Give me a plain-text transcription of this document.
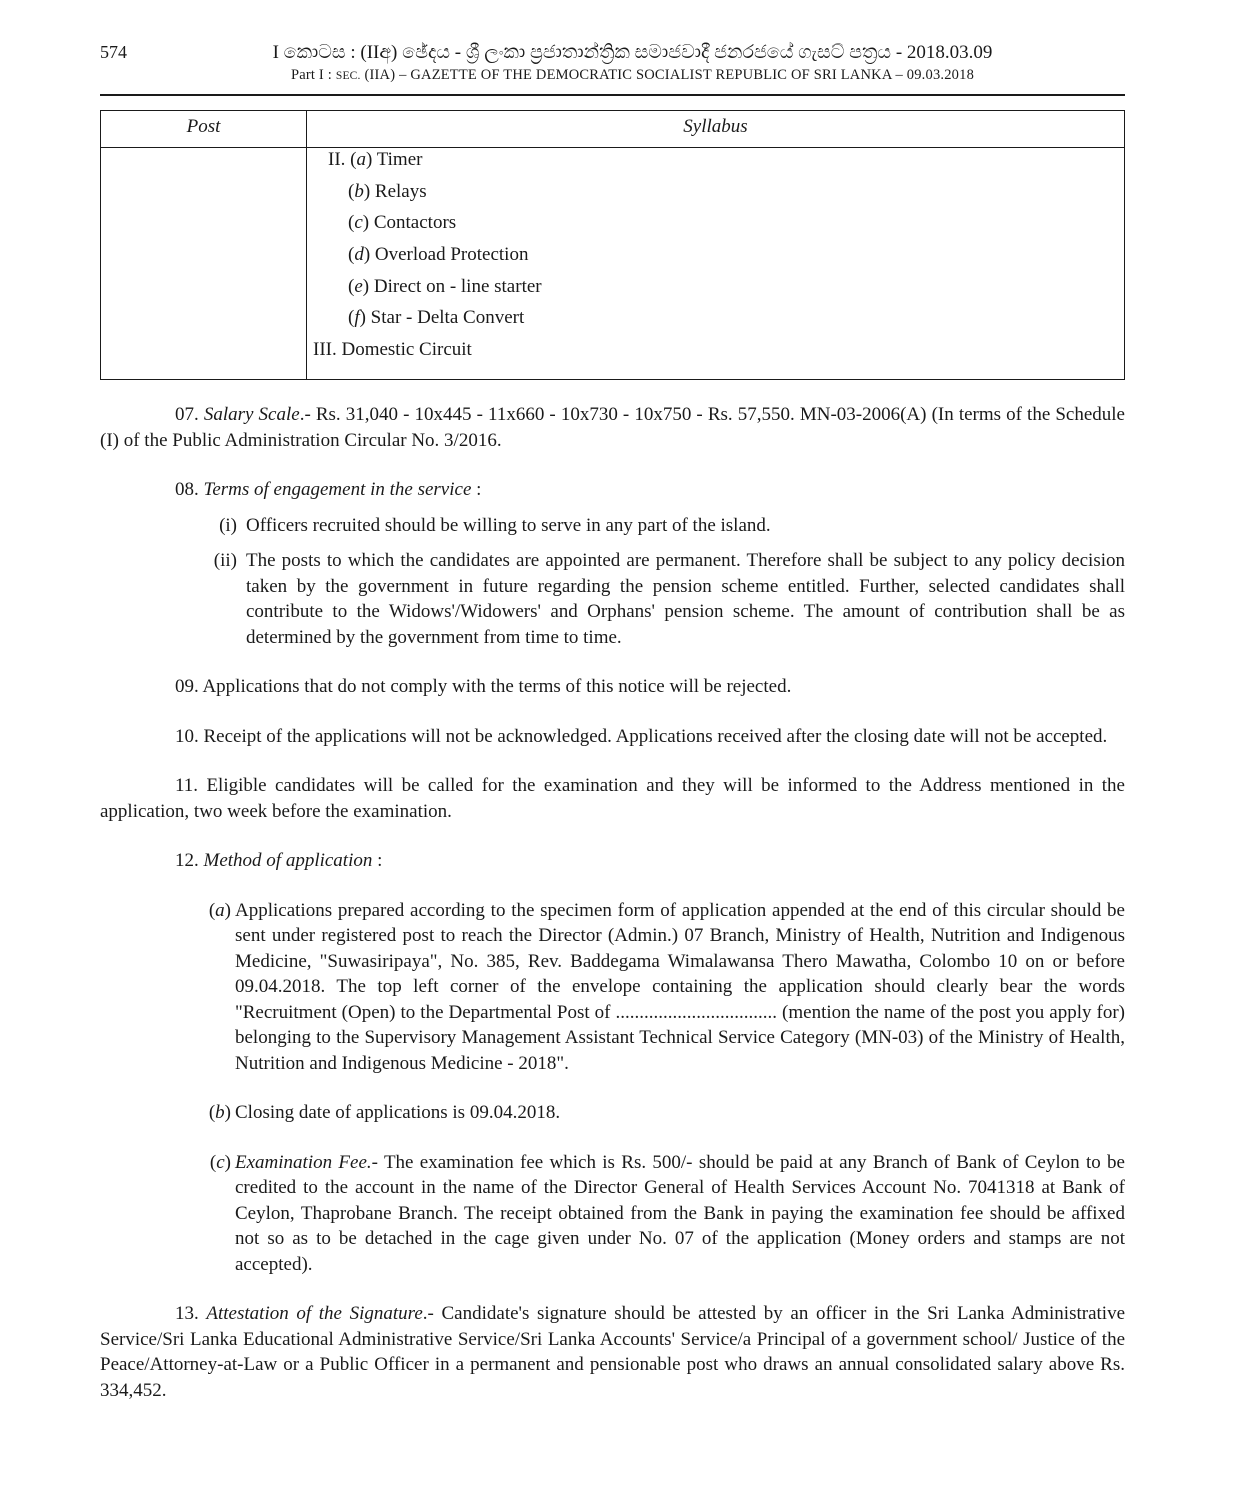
574	I කොටස : (IIඅ) ඡේදය - ශ්‍රී ලංකා ප්‍රජාතාන්ත්‍රික සමාජවාදී ජනරජයේ ගැසට් පත්‍රය - 2018.03.09
Part I : SEC. (IIA) – GAZETTE OF THE DEMOCRATIC SOCIALIST REPUBLIC OF SRI LANKA – 09.03.2018
Post	Syllabus
II. (a) Timer
(b) Relays
(c) Contactors
(d) Overload Protection
(e) Direct on - line starter
(f) Star - Delta Convert
III. Domestic Circuit

07. Salary Scale.- Rs. 31,040 - 10x445 - 11x660 - 10x730 - 10x750 - Rs. 57,550. MN-03-2006(A) (In terms of the Schedule (I) of the Public Administration Circular No. 3/2016.

08. Terms of engagement in the service :

(i) Officers recruited should be willing to serve in any part of the island.
(ii) The posts to which the candidates are appointed are permanent. Therefore shall be subject to any policy decision taken by the government in future regarding the pension scheme entitled. Further, selected candidates shall contribute to the Widows'/Widowers' and Orphans' pension scheme. The amount of contribution shall be as determined by the government from time to time.

09. Applications that do not comply with the terms of this notice will be rejected.

10. Receipt of the applications will not be acknowledged. Applications received after the closing date will not be accepted.

11. Eligible candidates will be called for the examination and they will be informed to the Address mentioned in the application, two week before the examination.

12. Method of application :

(a) Applications prepared according to the specimen form of application appended at the end of this circular should be sent under registered post to reach the Director (Admin.) 07 Branch, Ministry of Health, Nutrition and Indigenous Medicine, "Suwasiripaya", No. 385, Rev. Baddegama Wimalawansa Thero Mawatha, Colombo 10 on or before 09.04.2018. The top left corner of the envelope containing the application should clearly bear the words "Recruitment (Open) to the Departmental Post of .................................. (mention the name of the post you apply for) belonging to the Supervisory Management Assistant Technical Service Category (MN-03) of the Ministry of Health, Nutrition and Indigenous Medicine - 2018".
(b) Closing date of applications is 09.04.2018.
(c) Examination Fee.- The examination fee which is Rs. 500/- should be paid at any Branch of Bank of Ceylon to be credited to the account in the name of the Director General of Health Services Account No. 7041318 at Bank of Ceylon, Thaprobane Branch. The receipt obtained from the Bank in paying the examination fee should be affixed not so as to be detached in the cage given under No. 07 of the application (Money orders and stamps are not accepted).

13. Attestation of the Signature.- Candidate's signature should be attested by an officer in the Sri Lanka Administrative Service/Sri Lanka Educational Administrative Service/Sri Lanka Accounts' Service/a Principal of a government school/ Justice of the Peace/Attorney-at-Law or a Public Officer in a permanent and pensionable post who draws an annual consolidated salary above Rs. 334,452.
